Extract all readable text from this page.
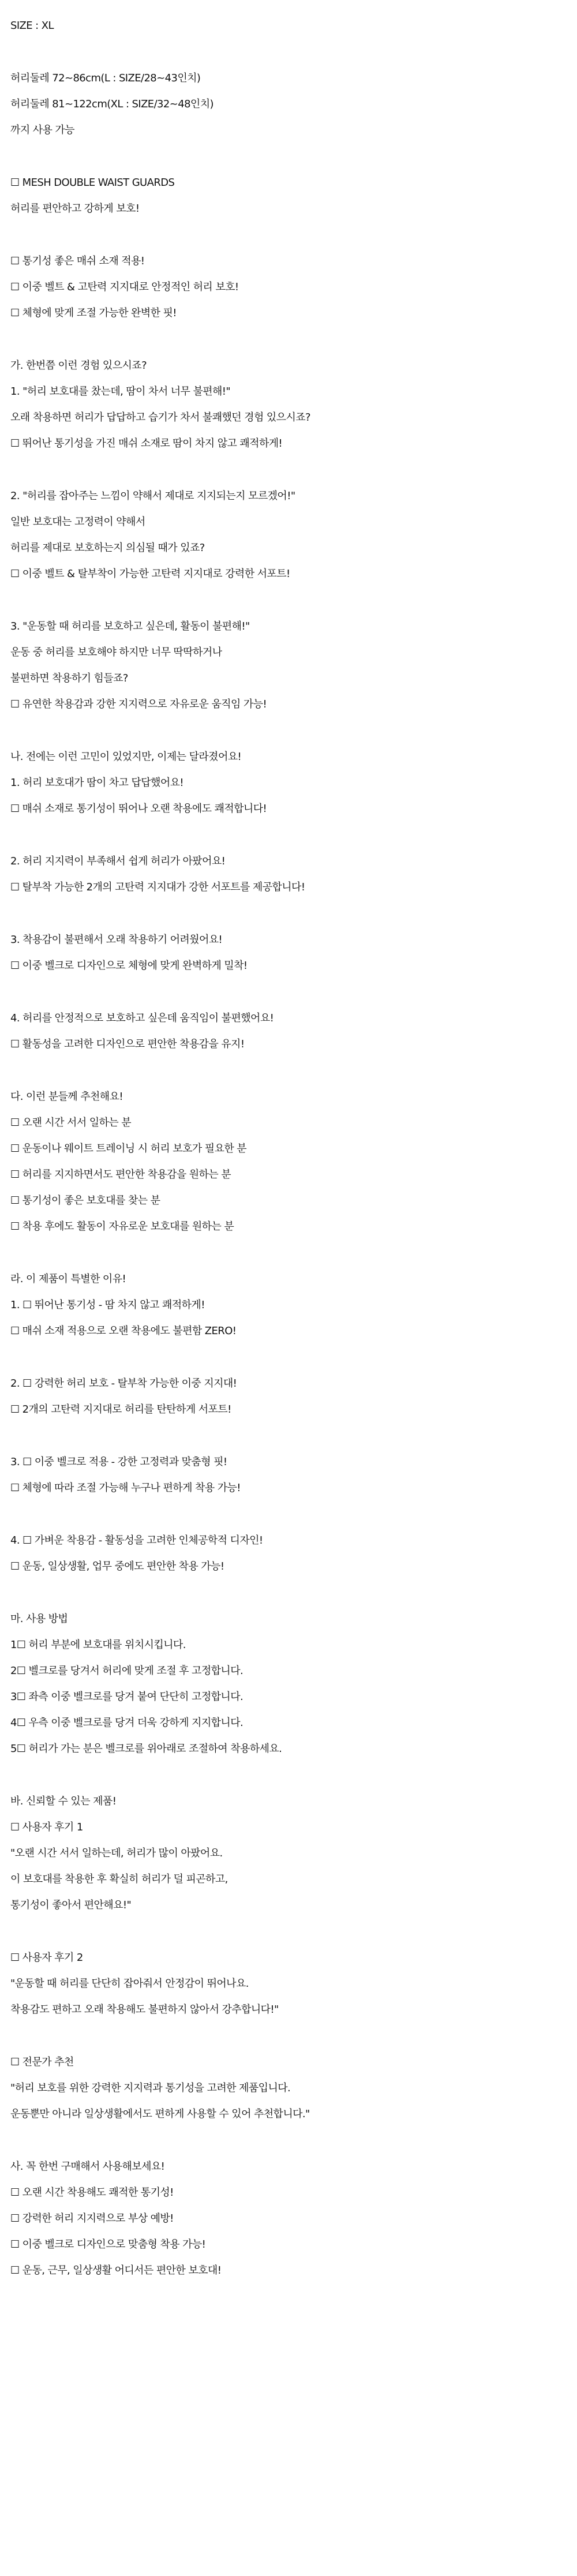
SIZE : XL
허리둘레 72~86cm(L : SIZE/28~43인치)
허리둘레 81~122cm(XL : SIZE/32~48인치)
까지 사용 가능
☐ MESH DOUBLE WAIST GUARDS
허리를 편안하고 강하게 보호!
☐ 통기성 좋은 매쉬 소재 적용!
☐ 이중 벨트 & 고탄력 지지대로 안정적인 허리 보호!
☐ 체형에 맞게 조절 가능한 완벽한 핏!
가. 한번쯤 이런 경험 있으시죠?
1. "허리 보호대를 찼는데, 땀이 차서 너무 불편해!"
오래 착용하면 허리가 답답하고 습기가 차서 불쾌했던 경험 있으시죠?
☐ 뛰어난 통기성을 가진 매쉬 소재로 땀이 차지 않고 쾌적하게!
2. "허리를 잡아주는 느낌이 약해서 제대로 지지되는지 모르겠어!"
일반 보호대는 고정력이 약해서
허리를 제대로 보호하는지 의심될 때가 있죠?
☐ 이중 벨트 & 탈부착이 가능한 고탄력 지지대로 강력한 서포트!
3. "운동할 때 허리를 보호하고 싶은데, 활동이 불편해!"
운동 중 허리를 보호해야 하지만 너무 딱딱하거나
불편하면 착용하기 힘들죠?
☐ 유연한 착용감과 강한 지지력으로 자유로운 움직임 가능!
나. 전에는 이런 고민이 있었지만, 이제는 달라졌어요!
1. 허리 보호대가 땀이 차고 답답했어요!
☐ 매쉬 소재로 통기성이 뛰어나 오랜 착용에도 쾌적합니다!
2. 허리 지지력이 부족해서 쉽게 허리가 아팠어요!
☐ 탈부착 가능한 2개의 고탄력 지지대가 강한 서포트를 제공합니다!
3. 착용감이 불편해서 오래 착용하기 어려웠어요!
☐ 이중 벨크로 디자인으로 체형에 맞게 완벽하게 밀착!
4. 허리를 안정적으로 보호하고 싶은데 움직임이 불편했어요!
☐ 활동성을 고려한 디자인으로 편안한 착용감을 유지!
다. 이런 분들께 추천해요!
☐ 오랜 시간 서서 일하는 분
☐ 운동이나 웨이트 트레이닝 시 허리 보호가 필요한 분
☐ 허리를 지지하면서도 편안한 착용감을 원하는 분
☐ 통기성이 좋은 보호대를 찾는 분
☐ 착용 후에도 활동이 자유로운 보호대를 원하는 분
라. 이 제품이 특별한 이유!
1. ☐ 뛰어난 통기성 - 땀 차지 않고 쾌적하게!
☐ 매쉬 소재 적용으로 오랜 착용에도 불편함 ZERO!
2. ☐ 강력한 허리 보호 - 탈부착 가능한 이중 지지대!
☐ 2개의 고탄력 지지대로 허리를 탄탄하게 서포트!
3. ☐ 이중 벨크로 적용 - 강한 고정력과 맞춤형 핏!
☐ 체형에 따라 조절 가능해 누구나 편하게 착용 가능!
4. ☐ 가벼운 착용감 - 활동성을 고려한 인체공학적 디자인!
☐ 운동, 일상생활, 업무 중에도 편안한 착용 가능!
마. 사용 방법
1☐ 허리 부분에 보호대를 위치시킵니다.
2☐ 벨크로를 당겨서 허리에 맞게 조절 후 고정합니다.
3☐ 좌측 이중 벨크로를 당겨 붙여 단단히 고정합니다.
4☐ 우측 이중 벨크로를 당겨 더욱 강하게 지지합니다.
5☐ 허리가 가는 분은 벨크로를 위아래로 조절하여 착용하세요.
바. 신뢰할 수 있는 제품!
☐ 사용자 후기 1
"오랜 시간 서서 일하는데, 허리가 많이 아팠어요.
이 보호대를 착용한 후 확실히 허리가 덜 피곤하고,
통기성이 좋아서 편안해요!"
☐ 사용자 후기 2
"운동할 때 허리를 단단히 잡아줘서 안정감이 뛰어나요.
착용감도 편하고 오래 착용해도 불편하지 않아서 강추합니다!"
☐ 전문가 추천
"허리 보호를 위한 강력한 지지력과 통기성을 고려한 제품입니다.
운동뿐만 아니라 일상생활에서도 편하게 사용할 수 있어 추천합니다."
사. 꼭 한번 구매해서 사용해보세요!
☐ 오랜 시간 착용해도 쾌적한 통기성!
☐ 강력한 허리 지지력으로 부상 예방!
☐ 이중 벨크로 디자인으로 맞춤형 착용 가능!
☐ 운동, 근무, 일상생활 어디서든 편안한 보호대!
